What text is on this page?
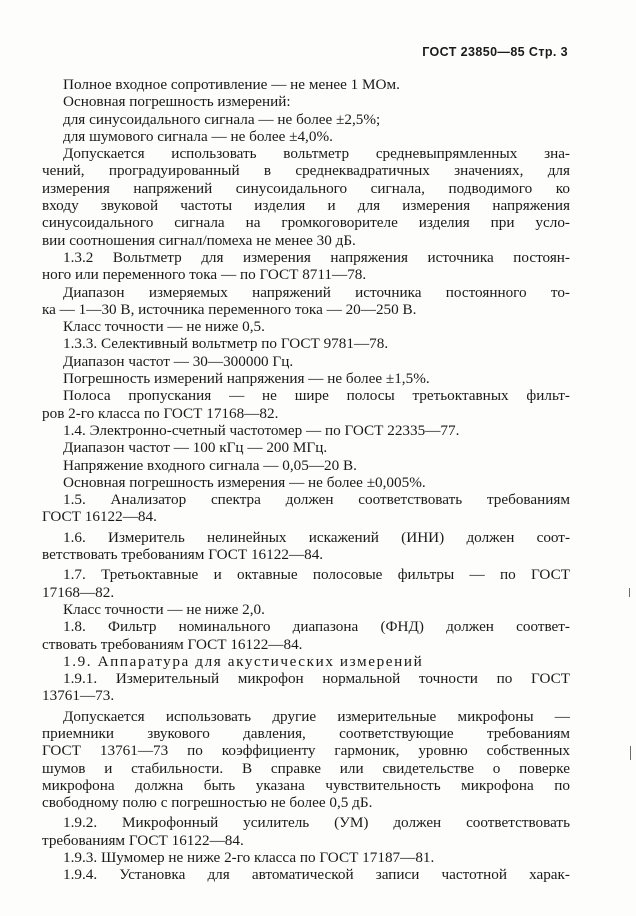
ГОСТ 23850—85 Стр. 3
Полное входное сопротивление — не менее 1 МОм.
Основная погрешность измерений:
для синусоидального сигнала — не более ±2,5%;
для шумового сигнала — не более ±4,0%.
Допускается использовать вольтметр средневыпрямленных зна-
чений, проградуированный в среднеквадратичных значениях, для
измерения напряжений синусоидального сигнала, подводимого ко
входу звуковой частоты изделия и для измерения напряжения
синусоидального сигнала на громкоговорителе изделия при усло-
вии соотношения сигнал/помеха не менее 30 дБ.
1.3.2 Вольтметр для измерения напряжения источника постоян-
ного или переменного тока — по ГОСТ 8711—78.
Диапазон измеряемых напряжений источника постоянного то-
ка — 1—30 В, источника переменного тока — 20—250 В.
Класс точности — не ниже 0,5.
1.3.3. Селективный вольтметр по ГОСТ 9781—78.
Диапазон частот — 30—300000 Гц.
Погрешность измерений напряжения — не более ±1,5%.
Полоса пропускания — не шире полосы третьоктавных фильт-
ров 2-го класса по ГОСТ 17168—82.
1.4. Электронно-счетный частотомер — по ГОСТ 22335—77.
Диапазон частот — 100 кГц — 200 МГц.
Напряжение входного сигнала — 0,05—20 В.
Основная погрешность измерения — не более ±0,005%.
1.5. Анализатор спектра должен соответствовать требованиям
ГОСТ 16122—84.
1.6. Измеритель нелинейных искажений (ИНИ) должен соот-
ветствовать требованиям ГОСТ 16122—84.
1.7. Третьоктавные и октавные полосовые фильтры — по ГОСТ
17168—82.
Класс точности — не ниже 2,0.
1.8. Фильтр номинального диапазона (ФНД) должен соответ-
ствовать требованиям ГОСТ 16122—84.
1.9. Аппаратура для акустических измерений
1.9.1. Измерительный микрофон нормальной точности по ГОСТ
13761—73.
Допускается использовать другие измерительные микрофоны —
приемники звукового давления, соответствующие требованиям
ГОСТ 13761—73 по коэффициенту гармоник, уровню собственных
шумов и стабильности. В справке или свидетельстве о поверке
микрофона должна быть указана чувствительность микрофона по
свободному полю с погрешностью не более 0,5 дБ.
1.9.2. Микрофонный усилитель (УМ) должен соответствовать
требованиям ГОСТ 16122—84.
1.9.3. Шумомер не ниже 2-го класса по ГОСТ 17187—81.
1.9.4. Установка для автоматической записи частотной харак-
